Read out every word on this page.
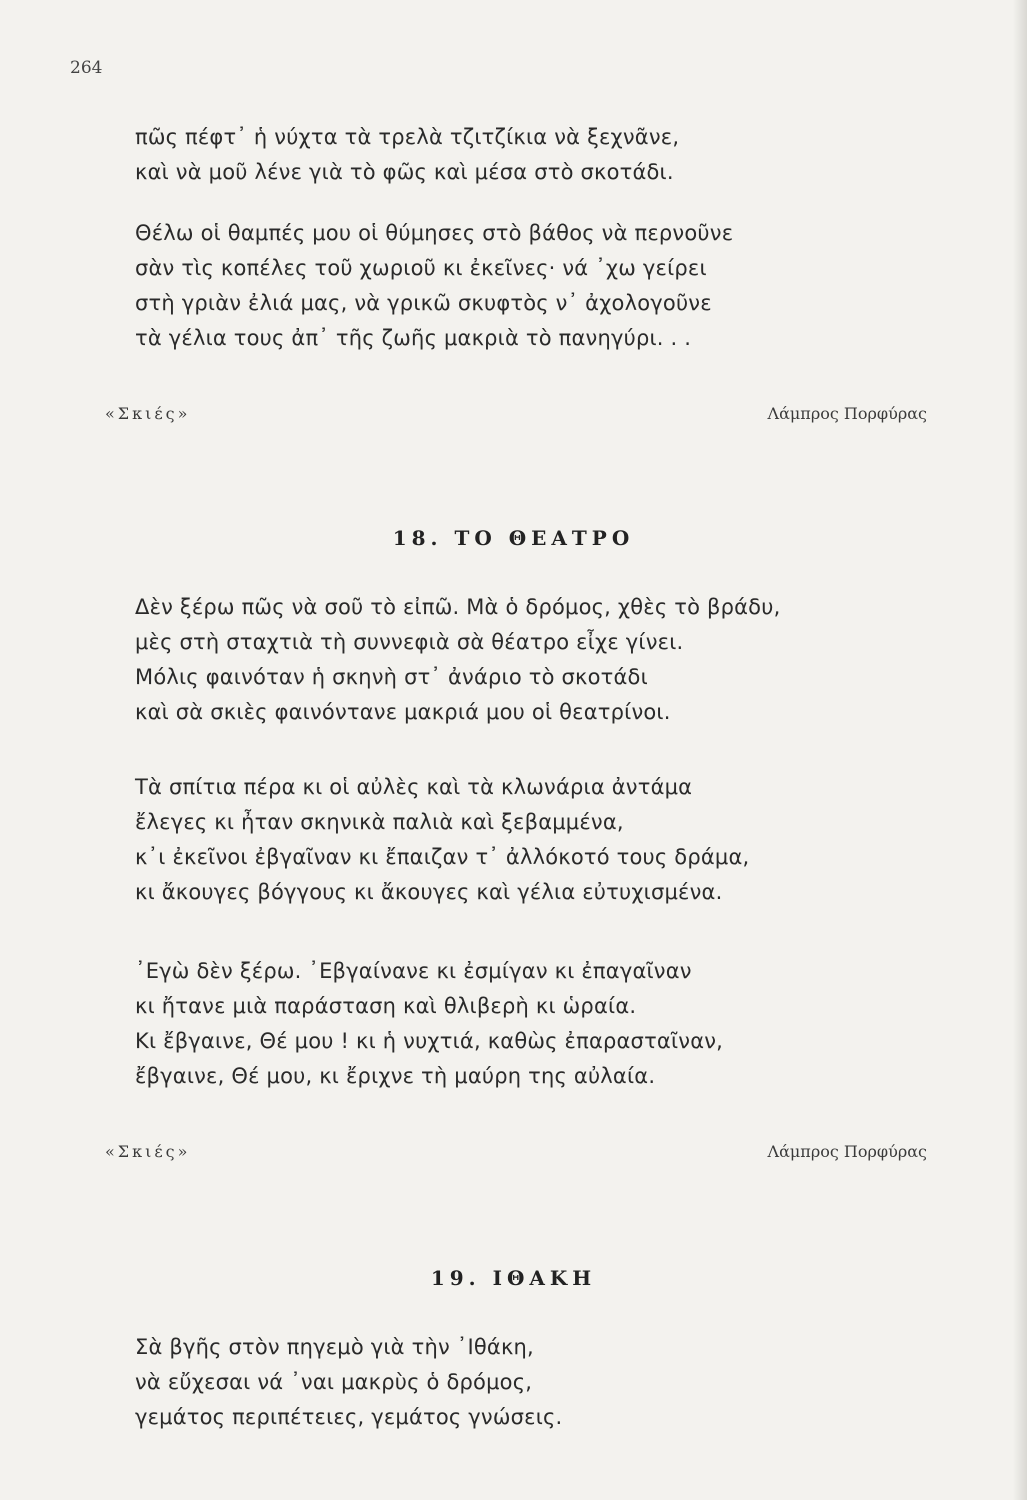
264
πῶς πέφτ᾽ ἡ νύχτα τὰ τρελὰ τζιτζίκια νὰ ξεχνᾶνε,
καὶ νὰ μοῦ λένε γιὰ τὸ φῶς καὶ μέσα στὸ σκοτάδι.
Θέλω οἱ θαμπές μου οἱ θύμησες στὸ βάθος νὰ περνοῦνε
σὰν τὶς κοπέλες τοῦ χωριοῦ κι ἐκεῖνες· νά ᾽χω γείρει
στὴ γριὰν ἐλιά μας, νὰ γρικῶ σκυφτὸς ν᾽ ἀχολογοῦνε
τὰ γέλια τους ἀπ᾽ τῆς ζωῆς μακριὰ τὸ πανηγύρι. . .
«Σκιές»	Λάμπρος Πορφύρας
18. ΤΟ ΘΕΑΤΡΟ
Δὲν ξέρω πῶς νὰ σοῦ τὸ εἰπῶ. Μὰ ὁ δρόμος, χθὲς τὸ βράδυ,
μὲς στὴ σταχτιὰ τὴ συννεφιὰ σὰ θέατρο εἶχε γίνει.
Μόλις φαινόταν ἡ σκηνὴ στ᾽ ἀνάριο τὸ σκοτάδι
καὶ σὰ σκιὲς φαινόντανε μακριά μου οἱ θεατρίνοι.
Τὰ σπίτια πέρα κι οἱ αὐλὲς καὶ τὰ κλωνάρια ἀντάμα
ἔλεγες κι ἦταν σκηνικὰ παλιὰ καὶ ξεβαμμένα,
κ᾽ι ἐκεῖνοι ἐβγαῖναν κι ἔπαιζαν τ᾽ ἀλλόκοτό τους δράμα,
κι ἄκουγες βόγγους κι ἄκουγες καὶ γέλια εὐτυχισμένα.
᾽Εγὼ δὲν ξέρω. ᾽Εβγαίνανε κι ἐσμίγαν κι ἐπαγαῖναν
κι ἤτανε μιὰ παράσταση καὶ θλιβερὴ κι ὡραία.
Κι ἔβγαινε, Θέ μου ! κι ἡ νυχτιά, καθὼς ἐπαρασταῖναν,
ἔβγαινε, Θέ μου, κι ἔριχνε τὴ μαύρη της αὐλαία.
«Σκιές»	Λάμπρος Πορφύρας
19. ΙΘΑΚΗ
Σὰ βγῆς στὸν πηγεμὸ γιὰ τὴν ᾽Ιθάκη,
νὰ εὔχεσαι νά ᾽ναι μακρὺς ὁ δρόμος,
γεμάτος περιπέτειες, γεμάτος γνώσεις.
